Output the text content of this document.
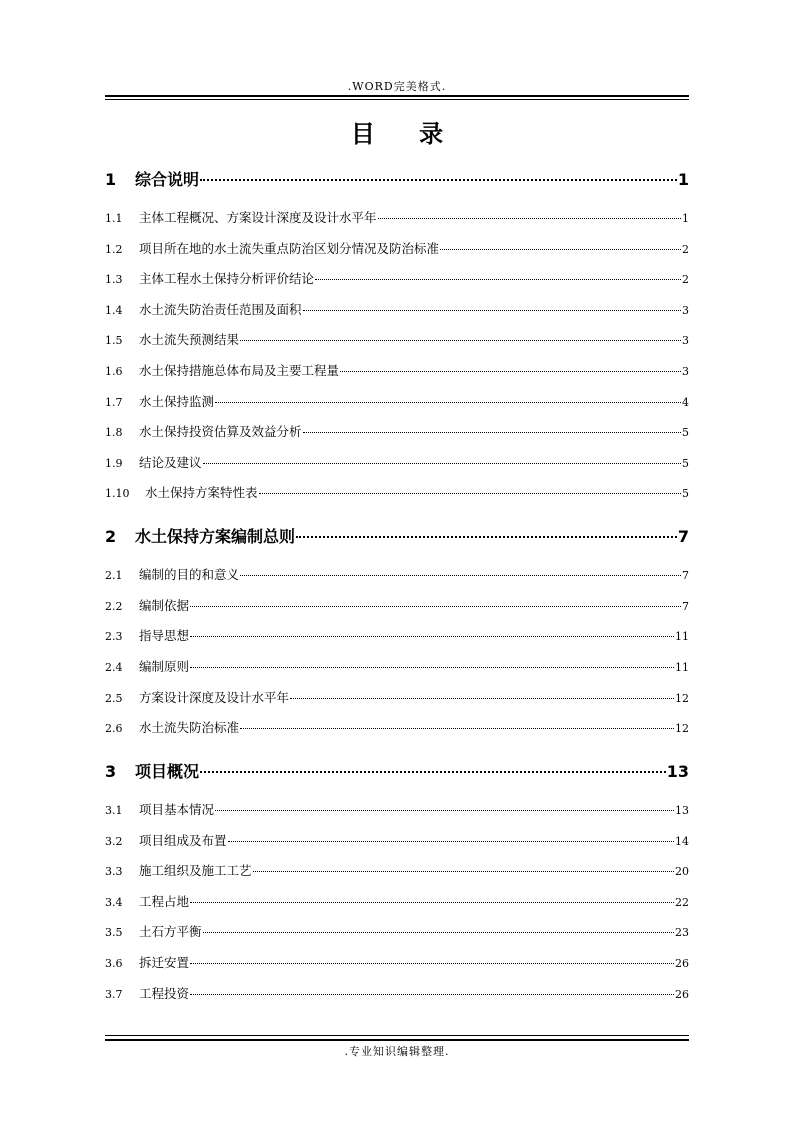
.WORD完美格式.
目 录
1	综合说明	1
1.1	主体工程概况、方案设计深度及设计水平年	1
1.2	项目所在地的水土流失重点防治区划分情况及防治标准	2
1.3	主体工程水土保持分析评价结论	2
1.4	水土流失防治责任范围及面积	3
1.5	水土流失预测结果	3
1.6	水土保持措施总体布局及主要工程量	3
1.7	水土保持监测	4
1.8	水土保持投资估算及效益分析	5
1.9	结论及建议	5
1.10	水土保持方案特性表	5
2	水土保持方案编制总则	7
2.1	编制的目的和意义	7
2.2	编制依据	7
2.3	指导思想	11
2.4	编制原则	11
2.5	方案设计深度及设计水平年	12
2.6	水土流失防治标准	12
3	项目概况	13
3.1	项目基本情况	13
3.2	项目组成及布置	14
3.3	施工组织及施工工艺	20
3.4	工程占地	22
3.5	土石方平衡	23
3.6	拆迁安置	26
3.7	工程投资	26
.专业知识编辑整理.
